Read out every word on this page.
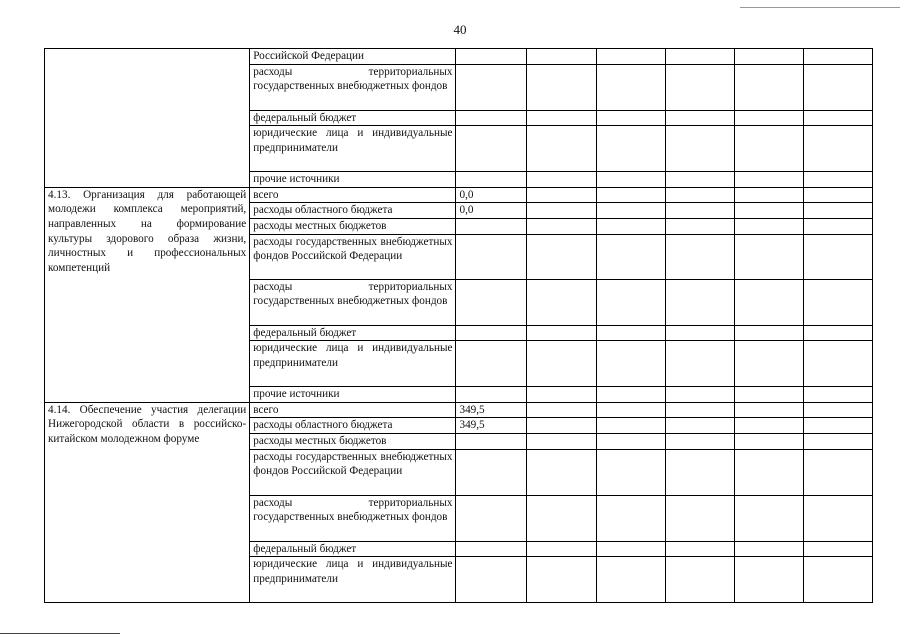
40
	Российской Федерации						
	расходы территориальных государственных внебюджетных фондов						
	федеральный бюджет						
	юридические лица и индивидуальные предприниматели						
	прочие источники						
4.13. Организация для работающей молодежи комплекса мероприятий, направленных на формирование культуры здорового образа жизни, личностных и профессиональных компетенций	всего	0,0					
	расходы областного бюджета	0,0					
	расходы местных бюджетов						
	расходы государственных внебюджетных фондов Российской Федерации						
	расходы территориальных государственных внебюджетных фондов						
	федеральный бюджет						
	юридические лица и индивидуальные предприниматели						
	прочие источники						
4.14. Обеспечение участия делегации Нижегородской области в российско-китайском молодежном форуме	всего	349,5					
	расходы областного бюджета	349,5					
	расходы местных бюджетов						
	расходы государственных внебюджетных фондов Российской Федерации						
	расходы территориальных государственных внебюджетных фондов						
	федеральный бюджет						
	юридические лица и индивидуальные предприниматели						
